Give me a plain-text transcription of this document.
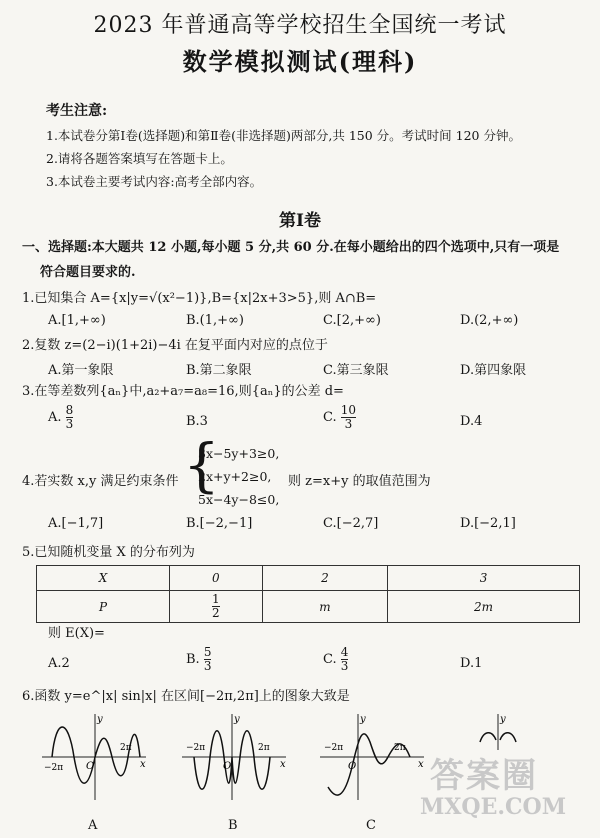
2023 年普通高等学校招生全国统一考试
数学模拟测试(理科)
考生注意:
1.本试卷分第Ⅰ卷(选择题)和第Ⅱ卷(非选择题)两部分,共 150 分。考试时间 120 分钟。
2.请将各题答案填写在答题卡上。
3.本试卷主要考试内容:高考全部内容。
第Ⅰ卷
一、选择题:本大题共 12 小题,每小题 5 分,共 60 分.在每小题给出的四个选项中,只有一项是
符合题目要求的.
1.已知集合 A={x|y=√(x²−1)},B={x|2x+3>5},则 A∩B=
A.[1,+∞)	B.(1,+∞)	C.[2,+∞)	D.(2,+∞)
2.复数 z=(2−i)(1+2i)−4i 在复平面内对应的点位于
A.第一象限	B.第二象限	C.第三象限	D.第四象限
3.在等差数列{aₙ}中,a₂+a₇=a₈=16,则{aₙ}的公差 d=
A. $\frac{8}{3}$	B.3	C. $\frac{10}{3}$	D.4
4.若实数 x,y 满足约束条件 {
3x−5y+3≥0,
2x+y+2≥0,
5x−4y−8≤0,
则 z=x+y 的取值范围为
A.[−1,7]	B.[−2,−1]	C.[−2,7]	D.[−2,1]
5.已知随机变量 X 的分布列为
X	0	2	3
P	$\frac{1}{2}$	m	2m
则 E(X)=
A.2	B. $\frac{5}{3}$	C. $\frac{4}{3}$	D.1
6.函数 y=e^|x| sin|x| 在区间[−2π,2π]上的图象大致是
y
x
−2π
2π
O
A
y
x
−2π	2π
O
B
y
x
−2π	2π
O
C
y
答案圈
MXQE.COM
